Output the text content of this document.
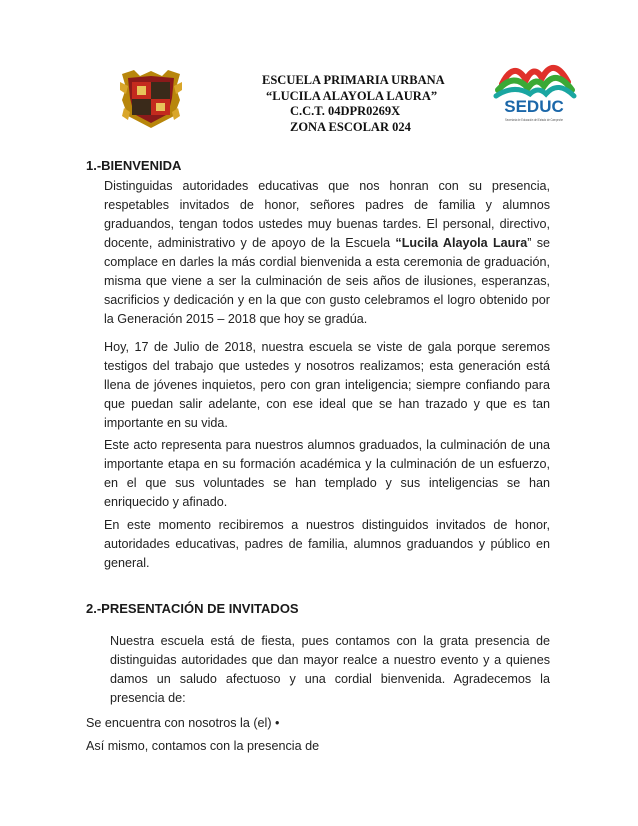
ESCUELA PRIMARIA URBANA
“LUCILA ALAYOLA LAURA”
C.C.T. 04DPR0269X
ZONA ESCOLAR 024
SEDUC
Secretaría de Educación del Estado de Campeche
1.-BIENVENIDA
Distinguidas autoridades educativas que nos honran con su presencia, respetables invitados de honor, señores padres de familia y alumnos graduandos, tengan todos ustedes muy buenas tardes. El personal, directivo, docente, administrativo y de apoyo de la Escuela “Lucila Alayola Laura” se complace en darles la más cordial bienvenida a esta ceremonia de graduación, misma que viene a ser la culminación de seis años de ilusiones, esperanzas, sacrificios y dedicación y en la que con gusto celebramos el logro obtenido por la Generación 2015 – 2018 que hoy se gradúa.
Hoy, 17 de Julio de 2018, nuestra escuela se viste de gala porque seremos testigos del trabajo que ustedes y nosotros realizamos; esta generación está llena de jóvenes inquietos, pero con gran inteligencia; siempre confiando para que puedan salir adelante, con ese ideal que se han trazado y que es tan importante en su vida.
Este acto representa para nuestros alumnos graduados, la culminación de una importante etapa en su formación académica y la culminación de un esfuerzo, en el que sus voluntades se han templado y sus inteligencias se han enriquecido y afinado.
En este momento recibiremos a nuestros distinguidos invitados de honor, autoridades educativas, padres de familia, alumnos graduandos y público en general.
2.-PRESENTACIÓN DE INVITADOS
Nuestra escuela está de fiesta, pues contamos con la grata presencia de distinguidas autoridades que dan mayor realce a nuestro evento y a quienes damos un saludo afectuoso y una cordial bienvenida. Agradecemos la presencia de:
Se encuentra con nosotros la (el) •
Así mismo, contamos con la presencia de
